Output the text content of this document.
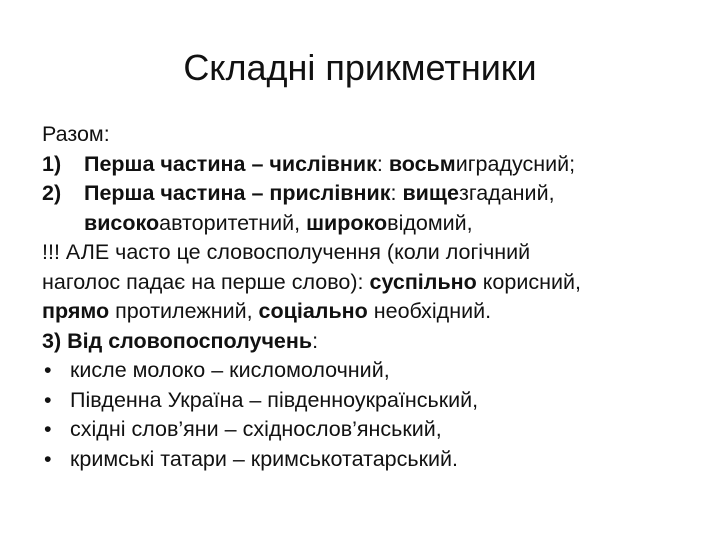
Складні прикметники
Разом:
1) Перша частина – числівник: восьмиградусний;
2) Перша частина – прислівник: вищезгаданий,
високоавторитетний, широковідомий,
!!! АЛЕ часто це словосполучення (коли логічний
наголос падає на перше слово): суспільно корисний,
прямо протилежний, соціально необхідний.
3) Від словопосполучень:
• кисле молоко – кисломолочний,
• Південна Україна – південноукраїнський,
• східні слов’яни – східнослов’янський,
• кримські татари – кримськотатарський.
